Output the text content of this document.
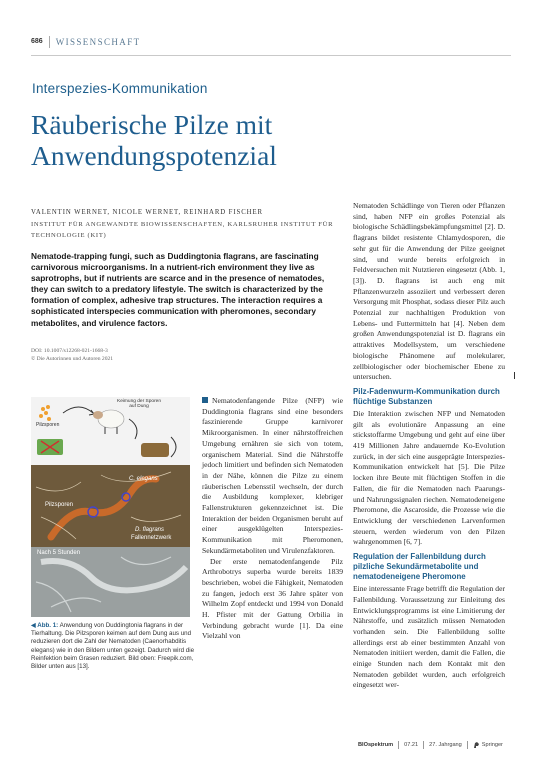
686 WISSENSCHAFT
Interspezies-Kommunikation
Räuberische Pilze mit Anwendungspotenzial
VALENTIN WERNET, NICOLE WERNET, REINHARD FISCHER
INSTITUT FÜR ANGEWANDTE BIOWISSENSCHAFTEN, KARLSRUHER INSTITUT FÜR TECHNOLOGIE (KIT)
Nematode-trapping fungi, such as Duddingtonia flagrans, are fascinating carnivorous microorganisms. In a nutrient-rich environment they live as saprotrophs, but if nutrients are scarce and in the presence of nematodes, they can switch to a predatory lifestyle. The switch is characterized by the formation of complex, adhesive trap structures. The interaction requires a sophisticated interspecies communication with pheromones, secondary metabolites, and virulence factors.
DOI: 10.1007/s12268-021-1668-3
© Die Autorinnen und Autoren 2021
Keimung der Sporen auf Dung
Pilzsporen
C. elegans
Pilzsporen
D. flagrans
Fallennetzwerk
Nach 5 Stunden
◀ Abb. 1: Anwendung von Duddingtonia flagrans in der Tierhaltung. Die Pilzsporen keimen auf dem Dung aus und reduzieren dort die Zahl der Nematoden (Caenorhabditis elegans) wie in den Bildern unten gezeigt. Dadurch wird die Reinfektion beim Grasen reduziert. Bild oben: Freepik.com, Bilder unten aus [13].

Nematodenfangende Pilze (NFP) wie Duddingtonia flagrans sind eine besonders faszinierende Gruppe karnivorer Mikroorganismen. In einer nährstoffreichen Umgebung ernähren sie sich von totem, organischem Material. Sind die Nährstoffe jedoch limitiert und befinden sich Nematoden in der Nähe, können die Pilze zu einem räuberischen Lebensstil wechseln, der durch die Ausbildung komplexer, klebriger Fallenstrukturen gekennzeichnet ist. Die Interaktion der beiden Organismen beruht auf einer ausgeklügelten Interspezies-Kommunikation mit Pheromonen, Sekundärmetaboliten und Virulenzfaktoren.

Der erste nematodenfangende Pilz Arthrobotrys superba wurde bereits 1839 beschrieben, wobei die Fähigkeit, Nematoden zu fangen, jedoch erst 36 Jahre später von Wilhelm Zopf entdeckt und 1994 von Donald H. Pfister mit der Gattung Orbilia in Verbindung gebracht wurde [1]. Da eine Vielzahl von

Nematoden Schädlinge von Tieren oder Pflanzen sind, haben NFP ein großes Potenzial als biologische Schädlingsbekämpfungsmittel [2]. D. flagrans bildet resistente Chlamydosporen, die sehr gut für die Anwendung der Pilze geeignet sind, und wurde bereits erfolgreich in Feldversuchen mit Nutztieren eingesetzt (Abb. 1, [3]). D. flagrans ist auch eng mit Pflanzenwurzeln assoziiert und verbessert deren Versorgung mit Phosphat, sodass dieser Pilz auch Potenzial zur nachhaltigen Produktion von Lebens- und Futtermitteln hat [4]. Neben dem großen Anwendungspotenzial ist D. flagrans ein attraktives Modellsystem, um verschiedene biologische Phänomene auf molekularer, zellbiologischer oder biochemischer Ebene zu untersuchen.

Pilz-Fadenwurm-Kommunikation durch flüchtige Substanzen

Die Interaktion zwischen NFP und Nematoden gilt als evolutionäre Anpassung an eine stickstoffarme Umgebung und geht auf eine über 419 Millionen Jahre andauernde Ko-Evolution zurück, in der sich eine ausgeprägte Interspezies-Kommunikation entwickelt hat [5]. Die Pilze locken ihre Beute mit flüchtigen Stoffen in die Fallen, die für die Nematoden nach Paarungs- und Nahrungssignalen riechen. Nematodeneigene Pheromone, die Ascaroside, die Prozesse wie die Entwicklung der verschiedenen Larvenformen steuern, werden wiederum von den Pilzen wahrgenommen [6, 7].

Regulation der Fallenbildung durch pilzliche Sekundärmetabolite und nematodeneigene Pheromone

Eine interessante Frage betrifft die Regulation der Fallenbildung. Voraussetzung zur Einleitung des Entwicklungsprogramms ist eine Limitierung der Nährstoffe, und zusätzlich müssen Nematoden vorhanden sein. Die Fallenbildung sollte allerdings erst ab einer bestimmten Anzahl von Nematoden initiiert werden, damit die Fallen, die einige Stunden nach dem Kontakt mit den Nematoden gebildet wurden, auch erfolgreich eingesetzt wer-

BIOspektrum 07.21 27. Jahrgang	Springer
